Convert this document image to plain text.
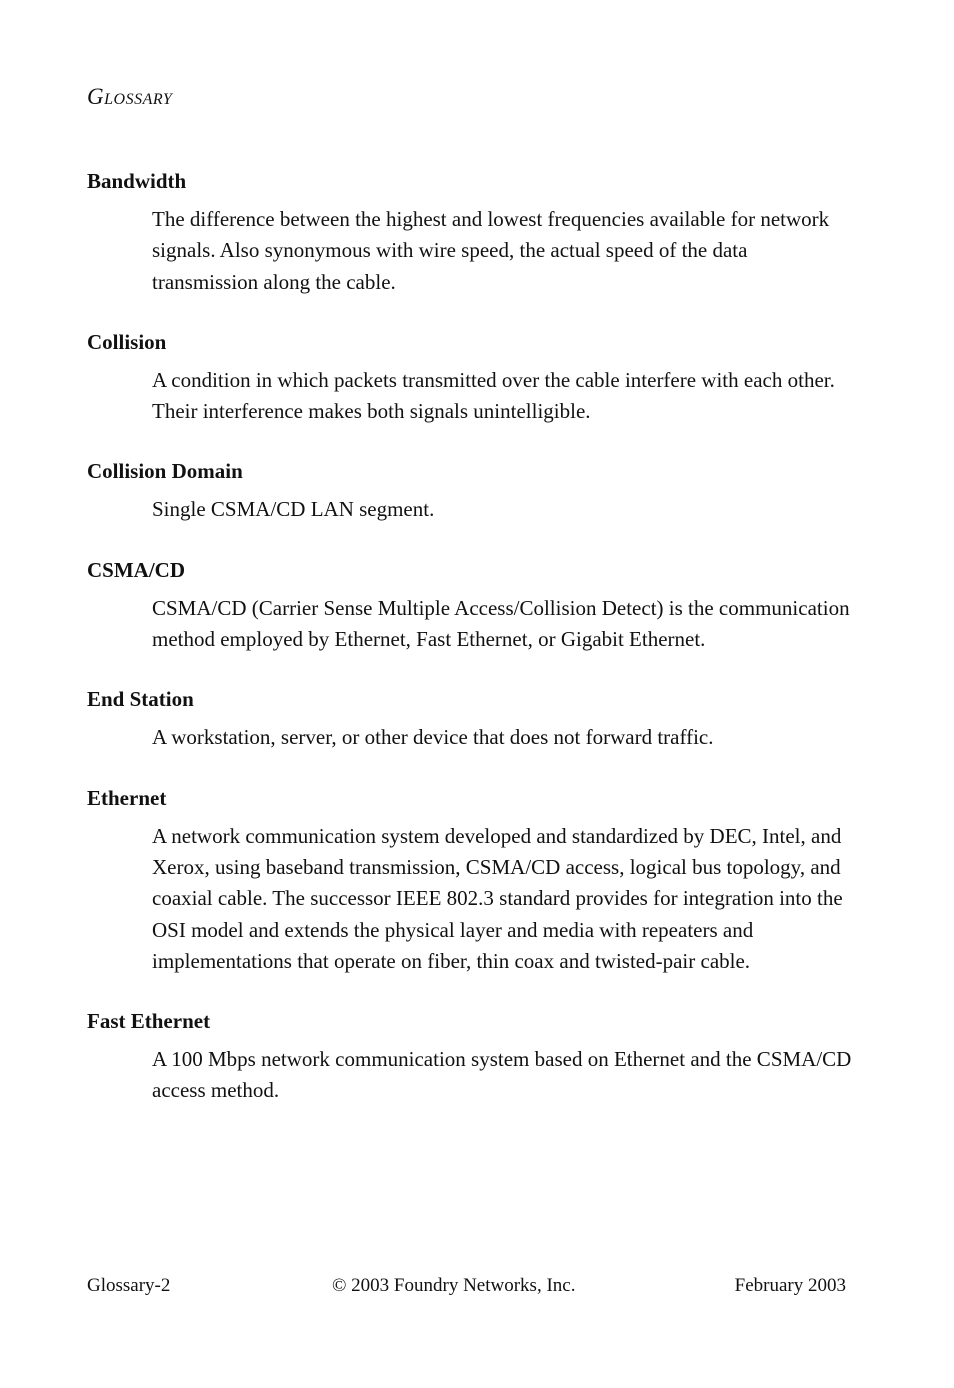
GLOSSARY

Bandwidth

The difference between the highest and lowest frequencies available for network signals. Also synonymous with wire speed, the actual speed of the data transmission along the cable.

Collision

A condition in which packets transmitted over the cable interfere with each other. Their interference makes both signals unintelligible.

Collision Domain

Single CSMA/CD LAN segment.

CSMA/CD

CSMA/CD (Carrier Sense Multiple Access/Collision Detect) is the communication method employed by Ethernet, Fast Ethernet, or Gigabit Ethernet.

End Station

A workstation, server, or other device that does not forward traffic.

Ethernet

A network communication system developed and standardized by DEC, Intel, and Xerox, using baseband transmission, CSMA/CD access, logical bus topology, and coaxial cable. The successor IEEE 802.3 standard provides for integration into the OSI model and extends the physical layer and media with repeaters and implementations that operate on fiber, thin coax and twisted-pair cable.

Fast Ethernet

A 100 Mbps network communication system based on Ethernet and the CSMA/CD access method.

Glossary-2	© 2003 Foundry Networks, Inc.	February 2003
